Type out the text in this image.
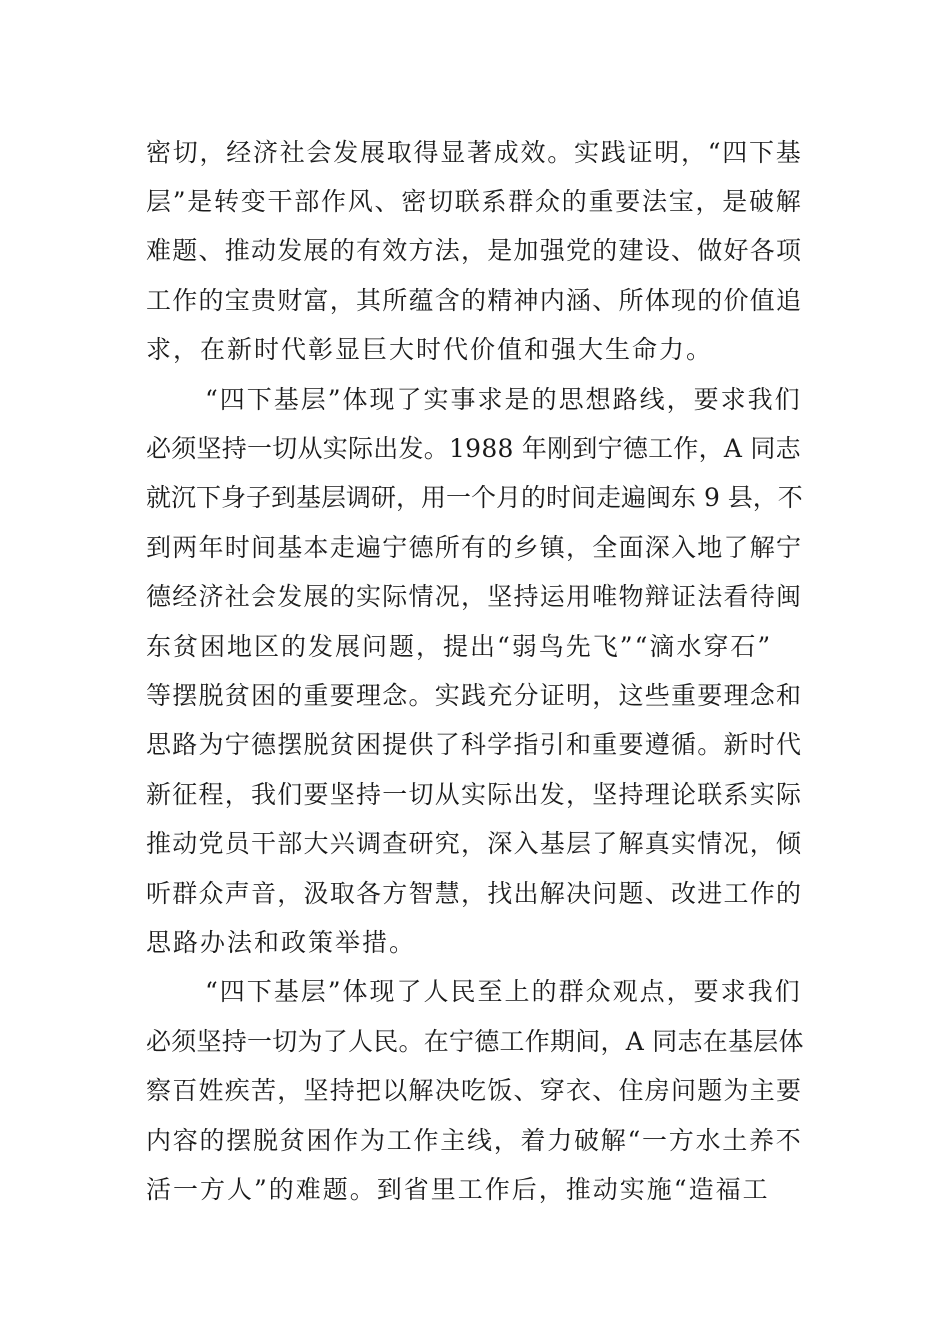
密切，经济社会发展取得显著成效。实践证明，“四下基
层”是转变干部作风、密切联系群众的重要法宝，是破解
难题、推动发展的有效方法，是加强党的建设、做好各项
工作的宝贵财富，其所蕴含的精神内涵、所体现的价值追
求，在新时代彰显巨大时代价值和强大生命力。
“四下基层”体现了实事求是的思想路线，要求我们
必须坚持一切从实际出发。1988 年刚到宁德工作，A 同志
就沉下身子到基层调研，用一个月的时间走遍闽东 9 县，不
到两年时间基本走遍宁德所有的乡镇，全面深入地了解宁
德经济社会发展的实际情况，坚持运用唯物辩证法看待闽
东贫困地区的发展问题，提出“弱鸟先飞”“滴水穿石”
等摆脱贫困的重要理念。实践充分证明，这些重要理念和
思路为宁德摆脱贫困提供了科学指引和重要遵循。新时代
新征程，我们要坚持一切从实际出发，坚持理论联系实际
推动党员干部大兴调查研究，深入基层了解真实情况，倾
听群众声音，汲取各方智慧，找出解决问题、改进工作的
思路办法和政策举措。
“四下基层”体现了人民至上的群众观点，要求我们
必须坚持一切为了人民。在宁德工作期间，A 同志在基层体
察百姓疾苦，坚持把以解决吃饭、穿衣、住房问题为主要
内容的摆脱贫困作为工作主线，着力破解“一方水土养不
活一方人”的难题。到省里工作后，推动实施“造福工
